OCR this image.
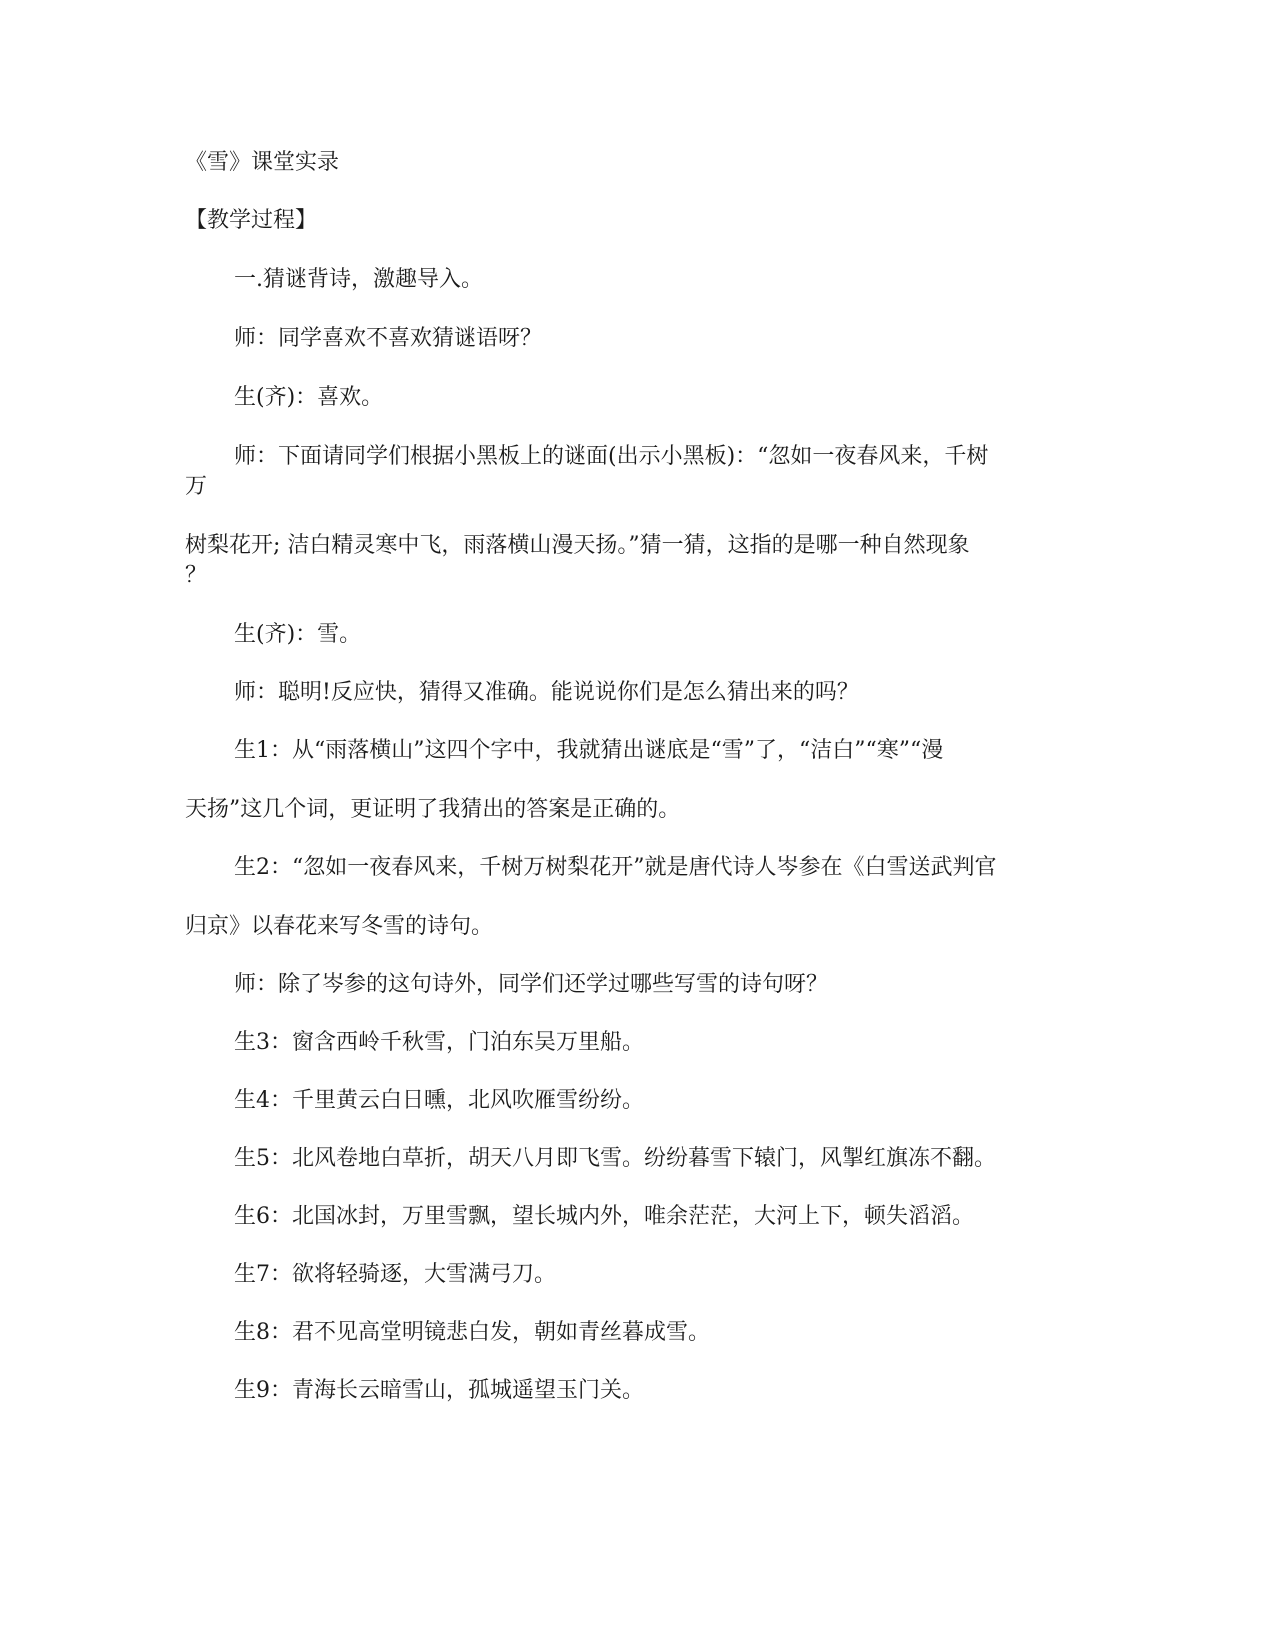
《雪》课堂实录
【教学过程】
一.猜谜背诗，激趣导入。
师：同学喜欢不喜欢猜谜语呀？
生(齐)：喜欢。
师：下面请同学们根据小黑板上的谜面(出示小黑板)：“忽如一夜春风来，千树
万
树梨花开; 洁白精灵寒中飞，雨落横山漫天扬。”猜一猜，这指的是哪一种自然现象
？
生(齐)：雪。
师：聪明!反应快，猜得又准确。能说说你们是怎么猜出来的吗？
生1：从“雨落横山”这四个字中，我就猜出谜底是“雪”了，“洁白”“寒”“漫
天扬”这几个词，更证明了我猜出的答案是正确的。
生2：“忽如一夜春风来，千树万树梨花开”就是唐代诗人岑参在《白雪送武判官
归京》以春花来写冬雪的诗句。
师：除了岑参的这句诗外，同学们还学过哪些写雪的诗句呀？
生3：窗含西岭千秋雪，门泊东吴万里船。
生4：千里黄云白日曛，北风吹雁雪纷纷。
生5：北风卷地白草折，胡天八月即飞雪。纷纷暮雪下辕门，风掣红旗冻不翻。
生6：北国冰封，万里雪飘，望长城内外，唯余茫茫，大河上下，顿失滔滔。
生7：欲将轻骑逐，大雪满弓刀。
生8：君不见高堂明镜悲白发，朝如青丝暮成雪。
生9：青海长云暗雪山，孤城遥望玉门关。
